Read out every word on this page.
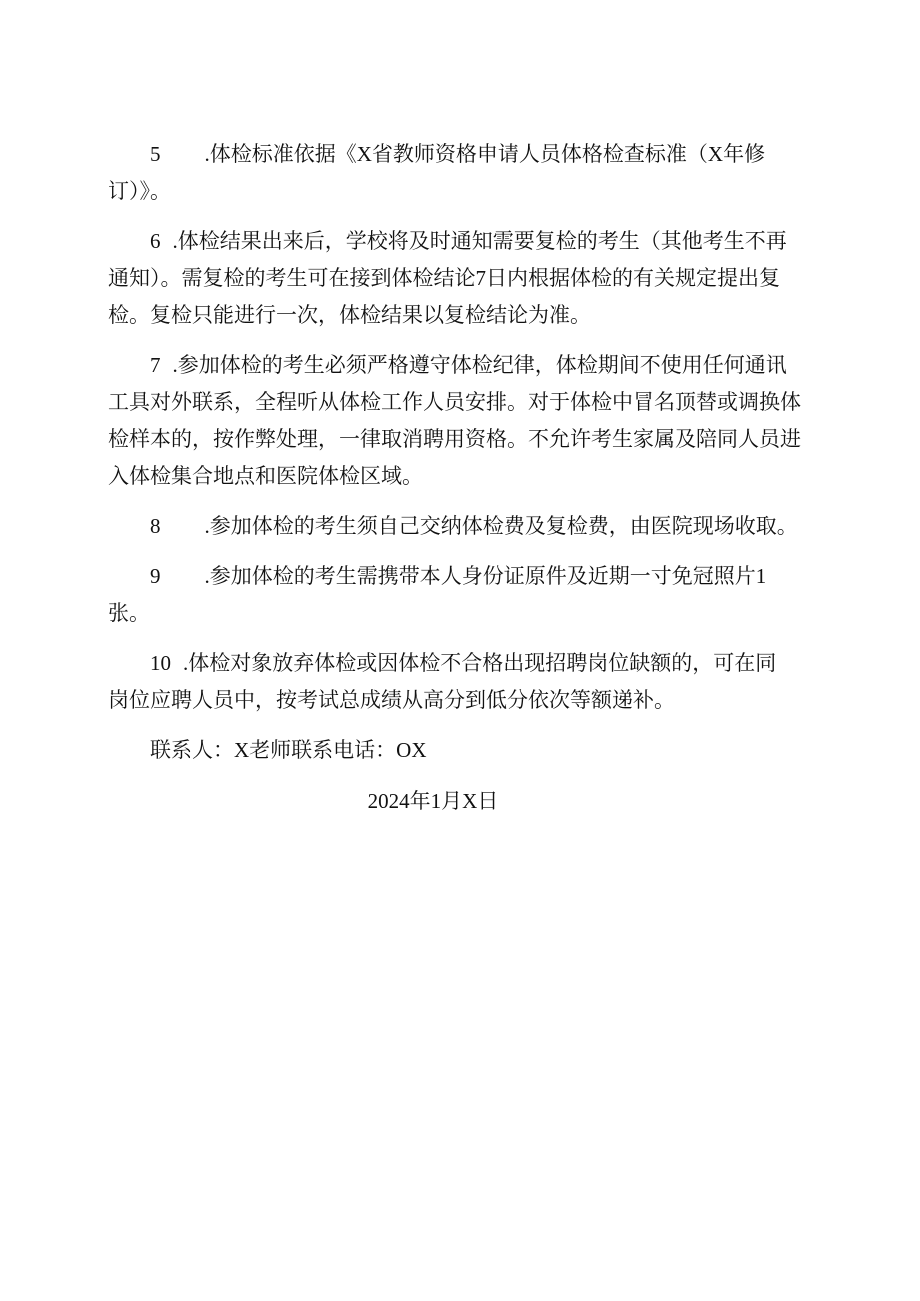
5 .体检标准依据《X省教师资格申请人员体格检查标准（X年修
订）》。

6 .体检结果出来后，学校将及时通知需要复检的考生（其他考生不再
通知）。需复检的考生可在接到体检结论7日内根据体检的有关规定提出复
检。复检只能进行一次，体检结果以复检结论为准。

7 .参加体检的考生必须严格遵守体检纪律，体检期间不使用任何通讯
工具对外联系，全程听从体检工作人员安排。对于体检中冒名顶替或调换体
检样本的，按作弊处理，一律取消聘用资格。不允许考生家属及陪同人员进
入体检集合地点和医院体检区域。

8 .参加体检的考生须自己交纳体检费及复检费，由医院现场收取。

9 .参加体检的考生需携带本人身份证原件及近期一寸免冠照片1
张。

10 .体检对象放弃体检或因体检不合格出现招聘岗位缺额的，可在同
岗位应聘人员中，按考试总成绩从高分到低分依次等额递补。

联系人：X老师联系电话：OX

2024年1月X日
